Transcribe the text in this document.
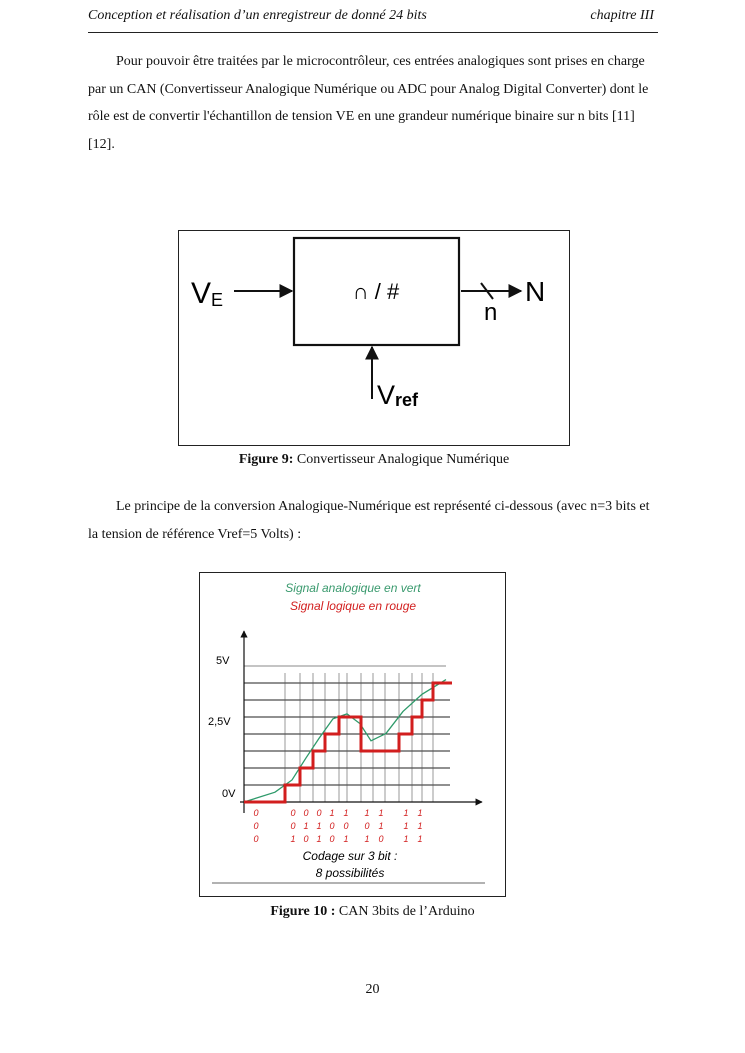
Conception et réalisation d’un enregistreur de donné 24 bits	chapitre III

Pour pouvoir être traitées par le microcontrôleur, ces entrées analogiques sont prises en charge par un CAN (Convertisseur Analogique Numérique ou ADC pour Analog Digital Converter) dont le rôle est de convertir l'échantillon de tension VE en une grandeur numérique binaire sur n bits [11] [12].

∩ / #
VE	N
n
Vref
Figure 9: Convertisseur Analogique Numérique

Le principe de la conversion Analogique-Numérique est représenté ci-dessous (avec n=3 bits et la tension de référence Vref=5 Volts) :

Signal analogique en vert
Signal logique en rouge
5V
2,5V
0V
0
0
0
0
0
1
0
1
0
0
1
1
1
0
0
1
0
1
1
0
1
1
1
0
1
1
1
1
1
1
Codage sur 3 bit :
8 possibilités
Figure 10 : CAN 3bits de l’Arduino
20
